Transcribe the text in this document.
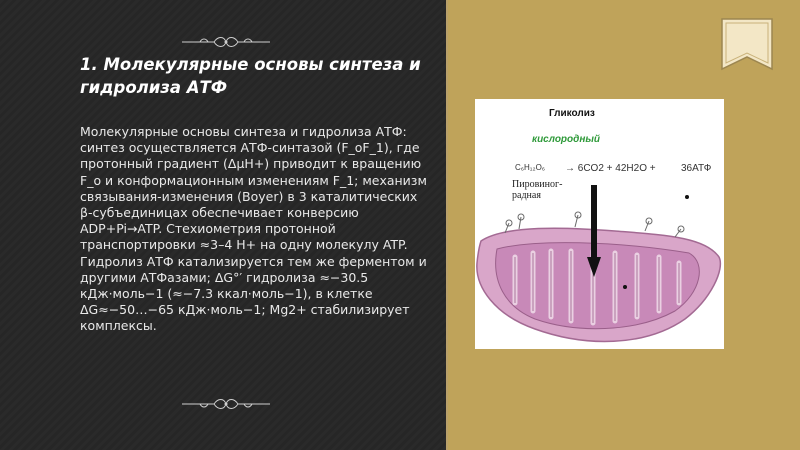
1. Молекулярные основы синтеза и гидролиза АТФ

Молекулярные основы синтеза и гидролиза АТФ: синтез осуществляется АТФ-синтазой (F_oF_1), где протонный градиент (ΔμH+) приводит к вращению F_o и конформационным изменениям F_1; механизм связывания-изменения (Boyer) в 3 каталитических β-субъединицах обеспечивает конверсию ADP+Pi→ATP. Стехиометрия протонной транспортировки ≈3–4 H+ на одну молекулу ATP. Гидролиз АТФ катализируется тем же ферментом и другими АТФазами; ΔG°′ гидролиза ≈−30.5 кДж·моль−1 (≈−7.3 ккал·моль−1), в клетке ΔG≈−50…−65 кДж·моль−1; Mg2+ стабилизирует комплексы.

Гликолиз
кислородный
C₆H₁₂O₆ → 6CO2 + 42H2O +	36АТФ
Пировиног-радная
